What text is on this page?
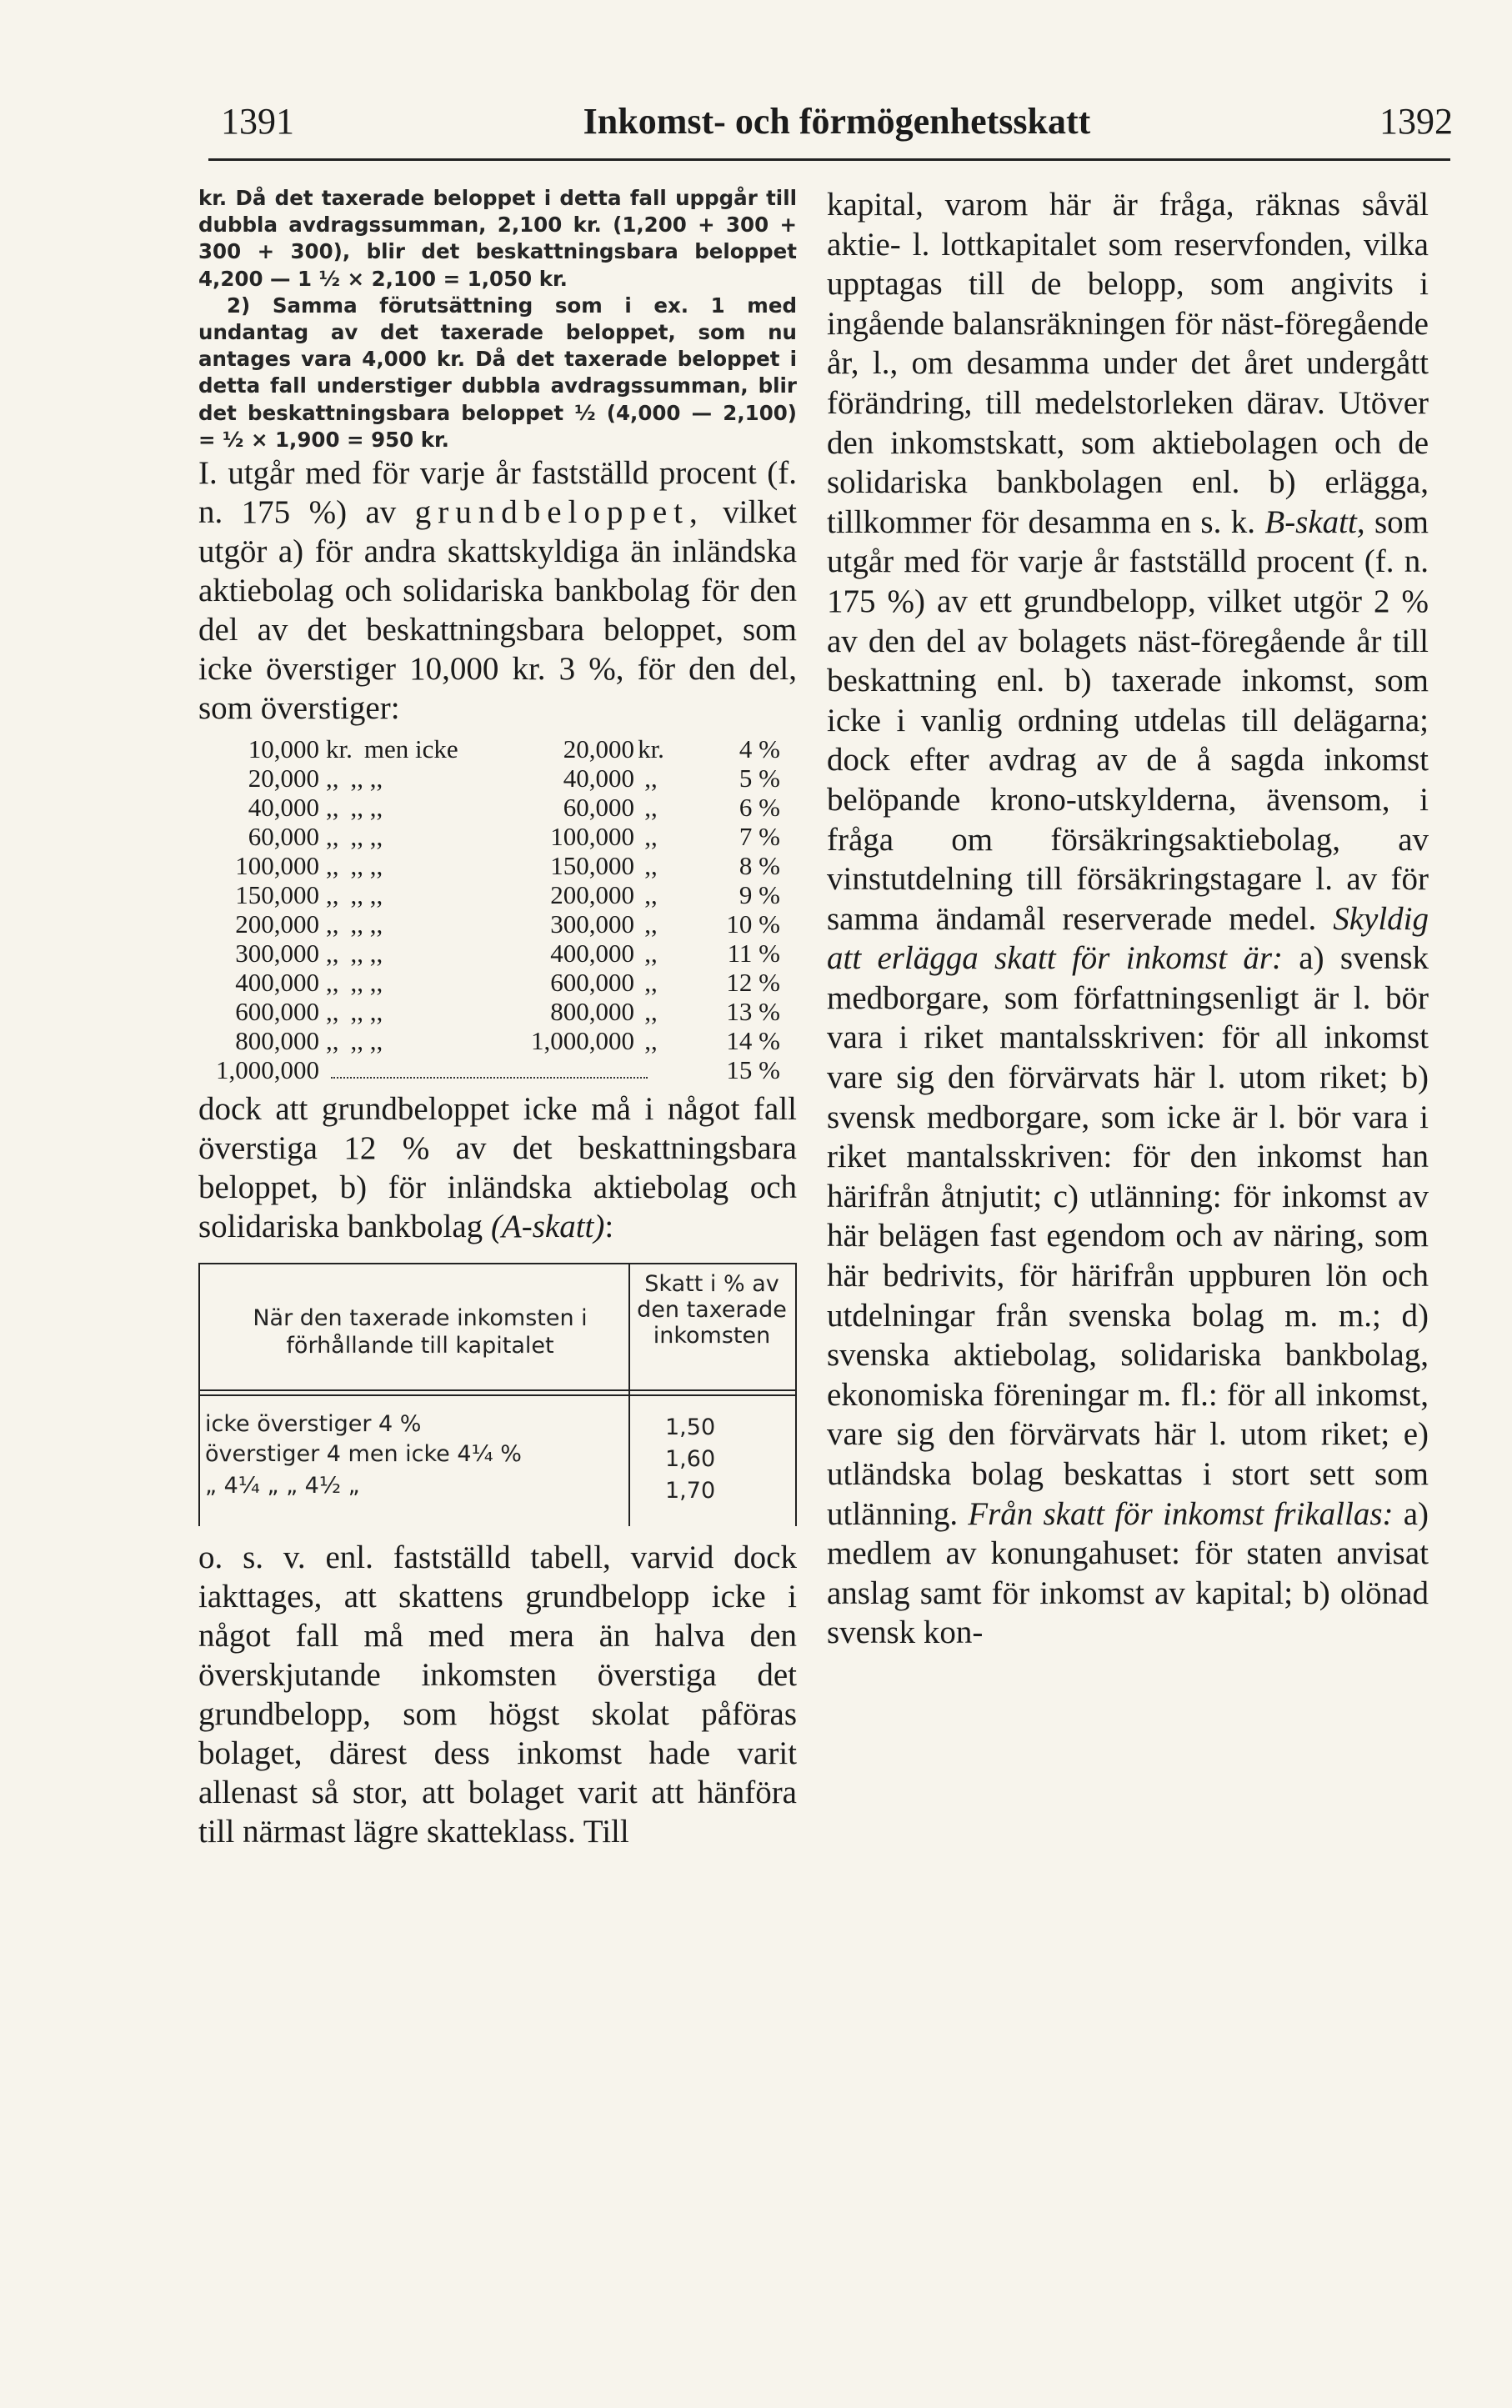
1391	Inkomst- och förmögenhetsskatt	1392

kr. Då det taxerade beloppet i detta fall uppgår till dubbla avdragssumman, 2,100 kr. (1,200 + 300 + 300 + 300), blir det beskattningsbara beloppet 4,200 — 1 ½ × 2,100 = 1,050 kr.

2) Samma förutsättning som i ex. 1 med undantag av det taxerade beloppet, som nu antages vara 4,000 kr. Då det taxerade beloppet i detta fall understiger dubbla avdragssumman, blir det beskattningsbara beloppet ½ (4,000 — 2,100) = ½ × 1,900 = 950 kr.

I. utgår med för varje år fastställd procent (f. n. 175 %) av grundbeloppet, vilket utgör a) för andra skattskyldiga än inländska aktiebolag och solidariska bankbolag för den del av det beskattningsbara beloppet, som icke överstiger 10,000 kr. 3 %, för den del, som överstiger:

10,000	kr. men icke	20,000	kr.	4 %
20,000	,, ,, ,,	40,000	,,	5 %
40,000	,, ,, ,,	60,000	,,	6 %
60,000	,, ,, ,,	100,000	,,	7 %
100,000	,, ,, ,,	150,000	,,	8 %
150,000	,, ,, ,,	200,000	,,	9 %
200,000	,, ,, ,,	300,000	,,	10 %
300,000	,, ,, ,,	400,000	,,	11 %
400,000	,, ,, ,,	600,000	,,	12 %
600,000	,, ,, ,,	800,000	,,	13 %
800,000	,, ,, ,,	1,000,000	,,	14 %
1,000,000				15 %

dock att grundbeloppet icke må i något fall överstiga 12 % av det beskattningsbara beloppet, b) för inländska aktiebolag och solidariska bankbolag (A-skatt):

När den taxerade inkomsten i förhållande till kapitalet
Skatt i % av den taxerade inkomsten
icke överstiger 4 %	1,50
överstiger 4 men icke 4¼ %	1,60
„ 4¼ „ „ 4½ „	1,70

o. s. v. enl. fastställd tabell, varvid dock iakttages, att skattens grundbelopp icke i något fall må med mera än halva den överskjutande inkomsten överstiga det grundbelopp, som högst skolat påföras bolaget, därest dess inkomst hade varit allenast så stor, att bolaget varit att hänföra till närmast lägre skatteklass. Till

kapital, varom här är fråga, räknas såväl aktie- l. lottkapitalet som reservfonden, vilka upptagas till de belopp, som angivits i ingående balansräkningen för näst-föregående år, l., om desamma under det året undergått förändring, till medelstorleken därav. Utöver den inkomstskatt, som aktiebolagen och de solidariska bankbolagen enl. b) erlägga, tillkommer för desamma en s. k. B-skatt, som utgår med för varje år fastställd procent (f. n. 175 %) av ett grundbelopp, vilket utgör 2 % av den del av bolagets näst-föregående år till beskattning enl. b) taxerade inkomst, som icke i vanlig ordning utdelas till delägarna; dock efter avdrag av de å sagda inkomst belöpande krono-utskylderna, ävensom, i fråga om försäkringsaktiebolag, av vinstutdelning till försäkringstagare l. av för samma ändamål reserverade medel. Skyldig att erlägga skatt för inkomst är: a) svensk medborgare, som författningsenligt är l. bör vara i riket mantalsskriven: för all inkomst vare sig den förvärvats här l. utom riket; b) svensk medborgare, som icke är l. bör vara i riket mantalsskriven: för den inkomst han härifrån åtnjutit; c) utlänning: för inkomst av här belägen fast egendom och av näring, som här bedrivits, för härifrån uppburen lön och utdelningar från svenska bolag m. m.; d) svenska aktiebolag, solidariska bankbolag, ekonomiska föreningar m. fl.: för all inkomst, vare sig den förvärvats här l. utom riket; e) utländska bolag beskattas i stort sett som utlänning. Från skatt för inkomst frikallas: a) medlem av konungahuset: för staten anvisat anslag samt för inkomst av kapital; b) olönad svensk kon-
